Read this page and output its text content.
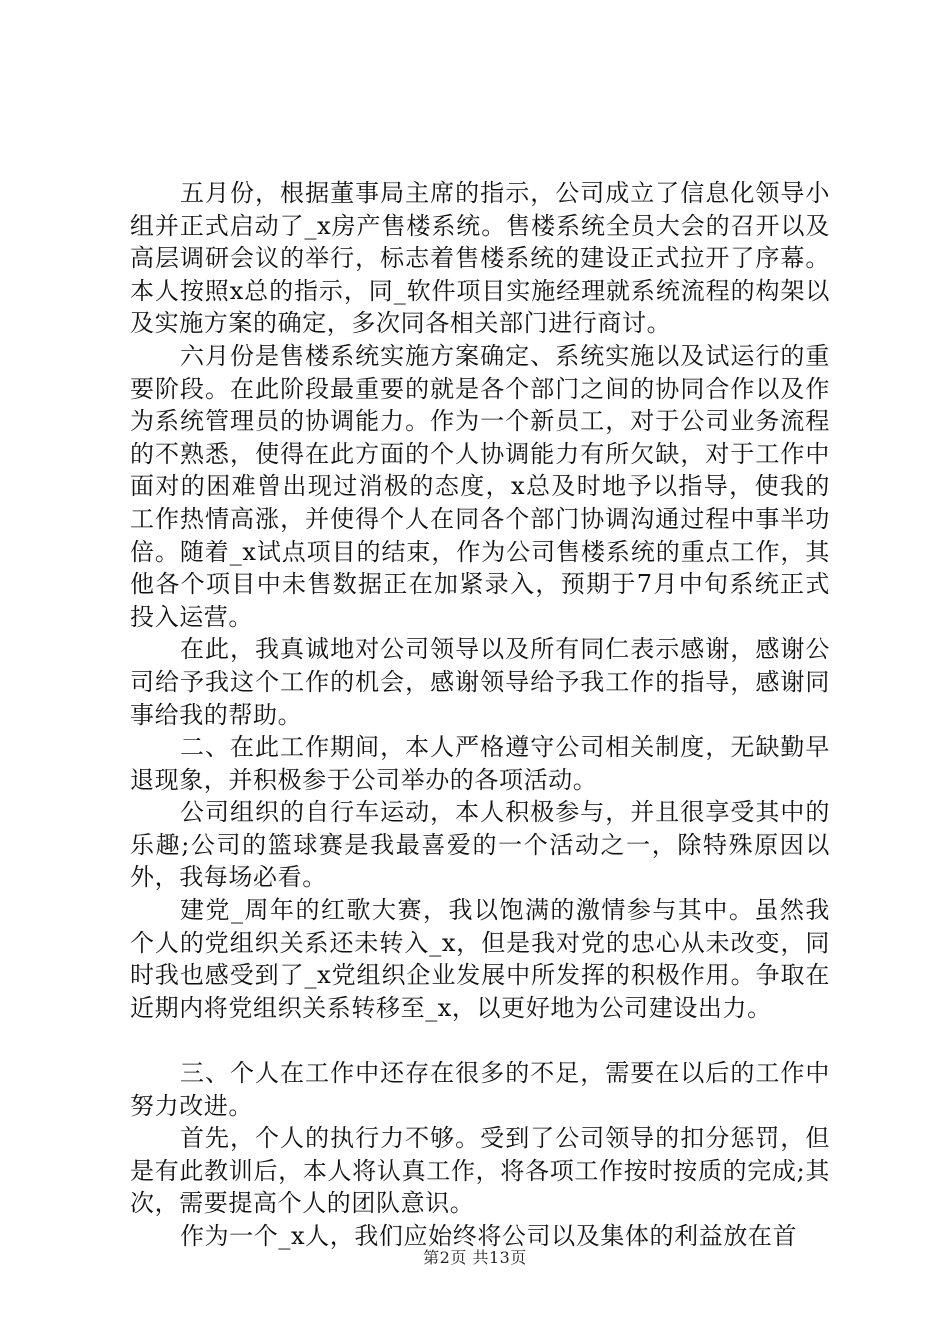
五月份，根据董事局主席的指示，公司成立了信息化领导小组并正式启动了_x房产售楼系统。售楼系统全员大会的召开以及高层调研会议的举行，标志着售楼系统的建设正式拉开了序幕。本人按照x总的指示，同_软件项目实施经理就系统流程的构架以及实施方案的确定，多次同各相关部门进行商讨。

六月份是售楼系统实施方案确定、系统实施以及试运行的重要阶段。在此阶段最重要的就是各个部门之间的协同合作以及作为系统管理员的协调能力。作为一个新员工，对于公司业务流程的不熟悉，使得在此方面的个人协调能力有所欠缺，对于工作中面对的困难曾出现过消极的态度，x总及时地予以指导，使我的工作热情高涨，并使得个人在同各个部门协调沟通过程中事半功倍。随着_x试点项目的结束，作为公司售楼系统的重点工作，其他各个项目中未售数据正在加紧录入，预期于7月中旬系统正式投入运营。

在此，我真诚地对公司领导以及所有同仁表示感谢，感谢公司给予我这个工作的机会，感谢领导给予我工作的指导，感谢同事给我的帮助。

二、在此工作期间，本人严格遵守公司相关制度，无缺勤早退现象，并积极参于公司举办的各项活动。

公司组织的自行车运动，本人积极参与，并且很享受其中的乐趣;公司的篮球赛是我最喜爱的一个活动之一，除特殊原因以外，我每场必看。

建党_周年的红歌大赛，我以饱满的激情参与其中。虽然我个人的党组织关系还未转入_x，但是我对党的忠心从未改变，同时我也感受到了_x党组织企业发展中所发挥的积极作用。争取在近期内将党组织关系转移至_x，以更好地为公司建设出力。

三、个人在工作中还存在很多的不足，需要在以后的工作中努力改进。

首先，个人的执行力不够。受到了公司领导的扣分惩罚，但是有此教训后，本人将认真工作，将各项工作按时按质的完成;其次，需要提高个人的团队意识。

作为一个_x人，我们应始终将公司以及集体的利益放在首

第2页 共13页
